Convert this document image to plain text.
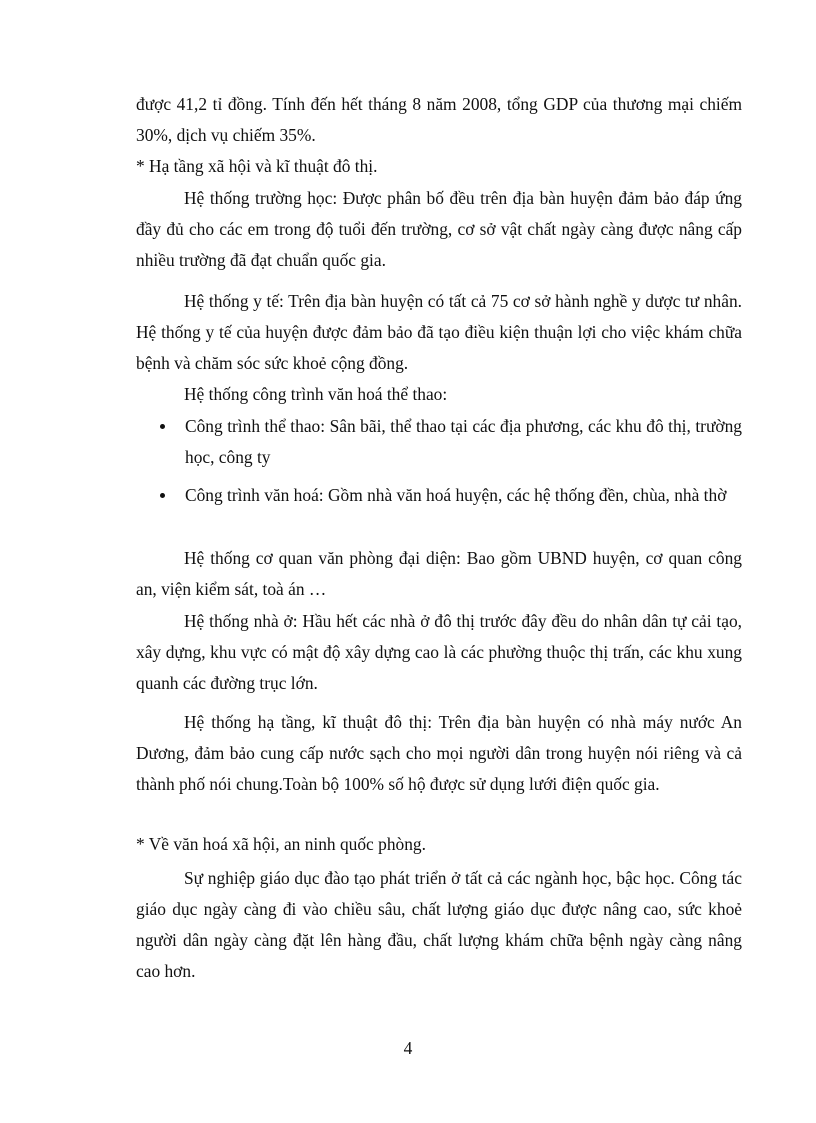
được 41,2 tỉ đồng. Tính đến hết tháng 8 năm 2008, tổng GDP của thương mại chiếm 30%, dịch vụ chiếm 35%.

* Hạ tầng xã hội và kĩ thuật đô thị.

Hệ thống trường học: Được phân bố đều trên địa bàn huyện đảm bảo đáp ứng đầy đủ cho các em trong độ tuổi đến trường, cơ sở vật chất ngày càng được nâng cấp nhiều trường đã đạt chuẩn quốc gia.

Hệ thống y tế: Trên địa bàn huyện có tất cả 75 cơ sở hành nghề y dược tư nhân. Hệ thống y tế của huyện được đảm bảo đã tạo điều kiện thuận lợi cho việc khám chữa bệnh và chăm sóc sức khoẻ cộng đồng.

Hệ thống công trình văn hoá thể thao:

Công trình thể thao: Sân bãi, thể thao tại các địa phương, các khu đô thị, trường học, công ty

Công trình văn hoá: Gồm nhà văn hoá huyện, các hệ thống đền, chùa, nhà thờ

Hệ thống cơ quan văn phòng đại diện: Bao gồm UBND huyện, cơ quan công an, viện kiểm sát, toà án …

Hệ thống nhà ở: Hầu hết các nhà ở đô thị trước đây đều do nhân dân tự cải tạo, xây dựng, khu vực có mật độ xây dựng cao là các phường thuộc thị trấn, các khu xung quanh các đường trục lớn.

Hệ thống hạ tầng, kĩ thuật đô thị: Trên địa bàn huyện có nhà máy nước An Dương, đảm bảo cung cấp nước sạch cho mọi người dân trong huyện nói riêng và cả thành phố nói chung.Toàn bộ 100% số hộ được sử dụng lưới điện quốc gia.

* Về văn hoá xã hội, an ninh quốc phòng.

Sự nghiệp giáo dục đào tạo phát triển ở tất cả các ngành học, bậc học. Công tác giáo dục ngày càng đi vào chiều sâu, chất lượng giáo dục được nâng cao, sức khoẻ người dân ngày càng đặt lên hàng đầu, chất lượng khám chữa bệnh ngày càng nâng cao hơn.

4
